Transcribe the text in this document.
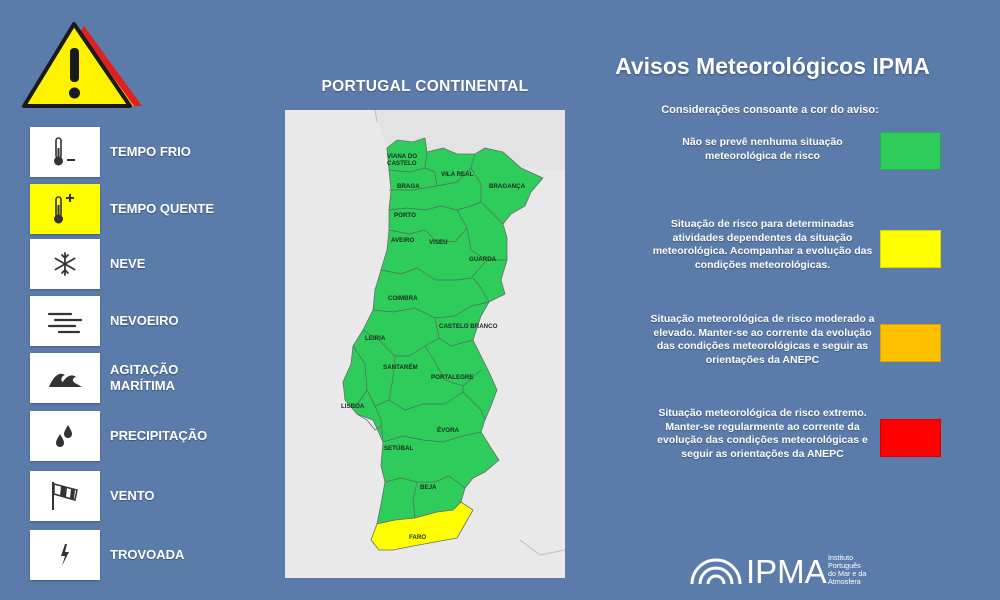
TEMPO FRIO
TEMPO QUENTE
NEVE
NEVOEIRO
AGITAÇÃO MARÍTIMA
PRECIPITAÇÃO
VENTO
TROVOADA
PORTUGAL CONTINENTAL
VIANA DO
CASTELO
BRAGA
VILA REAL
BRAGANÇA
PORTO
AVEIRO VISEU
GUARDA
COIMBRA
CASTELO BRANCO
LEIRIA
SANTARÉM
PORTALEGRE
LISBOA
ÉVORA
SETÚBAL
BEJA
FARO
Avisos Meteorológicos IPMA
Considerações consoante a cor do aviso:
Não se prevê nenhuma situação meteorológica de risco
Situação de risco para determinadas atividades dependentes da situação meteorológica. Acompanhar a evolução das condições meteorológicas.
Situação meteorológica de risco moderado a elevado. Manter-se ao corrente da evolução das condições meteorológicas e seguir as orientações da ANEPC
Situação meteorológica de risco extremo. Manter-se regularmente ao corrente da evolução das condições meteorológicas e seguir as orientações da ANEPC
IPMA Instituto
Português
do Mar e da
Atmosfera
